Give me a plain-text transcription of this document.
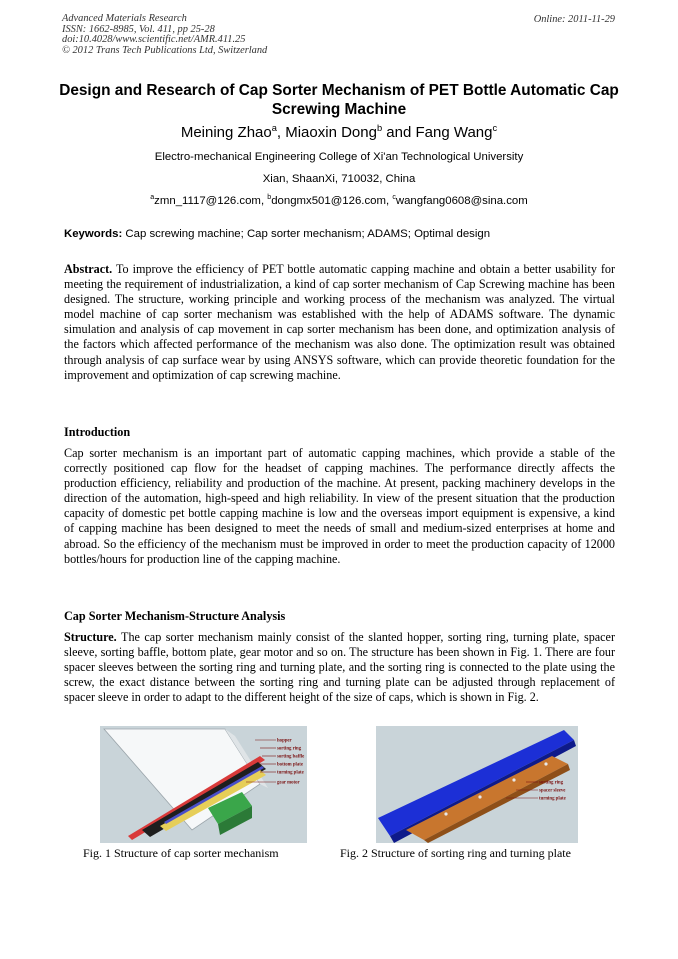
Advanced Materials Research
ISSN: 1662-8985, Vol. 411, pp 25-28
doi:10.4028/www.scientific.net/AMR.411.25
© 2012 Trans Tech Publications Ltd, Switzerland
Online: 2011-11-29
Design and Research of Cap Sorter Mechanism of PET Bottle Automatic Cap Screwing Machine
Meining Zhao$^a$, Miaoxin Dong$^b$ and Fang Wang$^c$
Electro-mechanical Engineering College of Xi'an Technological University
Xian, ShaanXi, 710032, China
$^a$zmn_1117@126.com, $^b$dongmx501@126.com, $^c$wangfang0608@sina.com
Keywords: Cap screwing machine; Cap sorter mechanism; ADAMS; Optimal design
Abstract. To improve the efficiency of PET bottle automatic capping machine and obtain a better usability for meeting the requirement of industrialization, a kind of cap sorter mechanism of Cap Screwing machine has been designed. The structure, working principle and working process of the mechanism was analyzed. The virtual model machine of cap sorter mechanism was established with the help of ADAMS software. The dynamic simulation and analysis of cap movement in cap sorter mechanism has been done, and optimization analysis of the factors which affected performance of the mechanism was also done. The optimization result was obtained through analysis of cap surface wear by using ANSYS software, which can provide theoretic foundation for the improvement and optimization of cap screwing machine.
Introduction
Cap sorter mechanism is an important part of automatic capping machines, which provide a stable of the correctly positioned cap flow for the headset of capping machines. The performance directly affects the production efficiency, reliability and production of the machine. At present, packing machinery develops in the direction of the automation, high-speed and high reliability. In view of the present situation that the production capacity of domestic pet bottle capping machine is low and the overseas import equipment is expensive, a kind of capping machine has been designed to meet the needs of small and medium-sized enterprises at home and abroad. So the efficiency of the mechanism must be improved in order to meet the production capacity of 12000 bottles/hours for production line of the capping machine.
Cap Sorter Mechanism-Structure Analysis
Structure. The cap sorter mechanism mainly consist of the slanted hopper, sorting ring, turning plate, spacer sleeve, sorting baffle, bottom plate, gear motor and so on. The structure has been shown in Fig. 1. There are four spacer sleeves between the sorting ring and turning plate, and the sorting ring is connected to the plate using the screw, the exact distance between the sorting ring and turning plate can be adjusted through replacement of spacer sleeve in order to adapt to the different height of the size of caps, which is shown in Fig. 2.
hopper
sorting ring
sorting baffle
bottom plate
turning plate
gear motor
Fig. 1 Structure of cap sorter mechanism
sorting ring
spacer sleeve
turning plate
Fig. 2 Structure of sorting ring and turning plate
